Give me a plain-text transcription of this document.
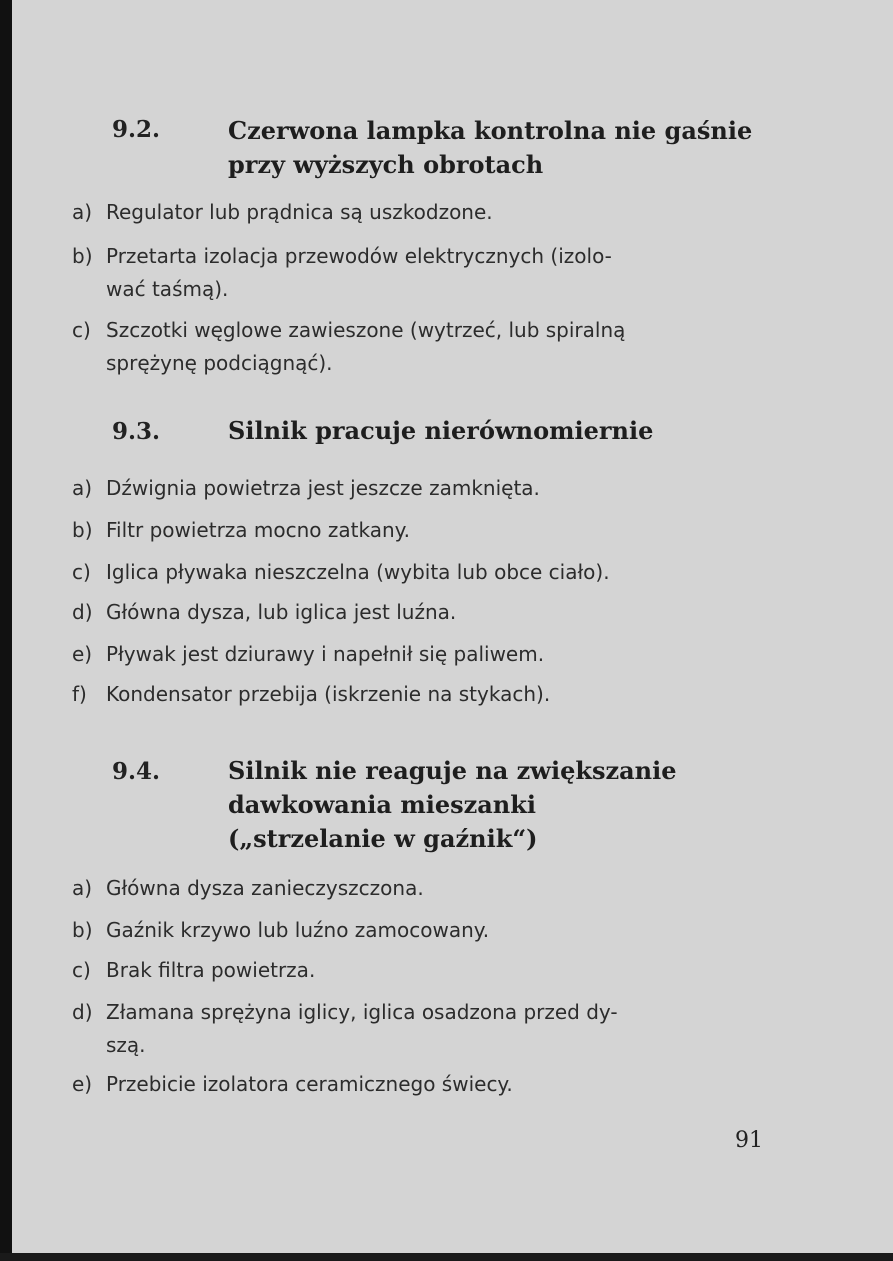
9.2.	Czerwona lampka kontrolna nie gaśnie
przy wyższych obrotach
a) Regulator lub prądnica są uszkodzone.
b) Przetarta izolacja przewodów elektrycznych (izolo-
wać taśmą).
c) Szczotki węglowe zawieszone (wytrzeć, lub spiralną
sprężynę podciągnąć).
9.3.	Silnik pracuje nierównomiernie
a) Dźwignia powietrza jest jeszcze zamknięta.
b) Filtr powietrza mocno zatkany.
c) Iglica pływaka nieszczelna (wybita lub obce ciało).
d) Główna dysza, lub iglica jest luźna.
e) Pływak jest dziurawy i napełnił się paliwem.
f) Kondensator przebija (iskrzenie na stykach).
9.4.	Silnik nie reaguje na zwiększanie
dawkowania mieszanki
(„strzelanie w gaźnik“)
a) Główna dysza zanieczyszczona.
b) Gaźnik krzywo lub luźno zamocowany.
c) Brak filtra powietrza.
d) Złamana sprężyna iglicy, iglica osadzona przed dy-
szą.
e) Przebicie izolatora ceramicznego świecy.
91
